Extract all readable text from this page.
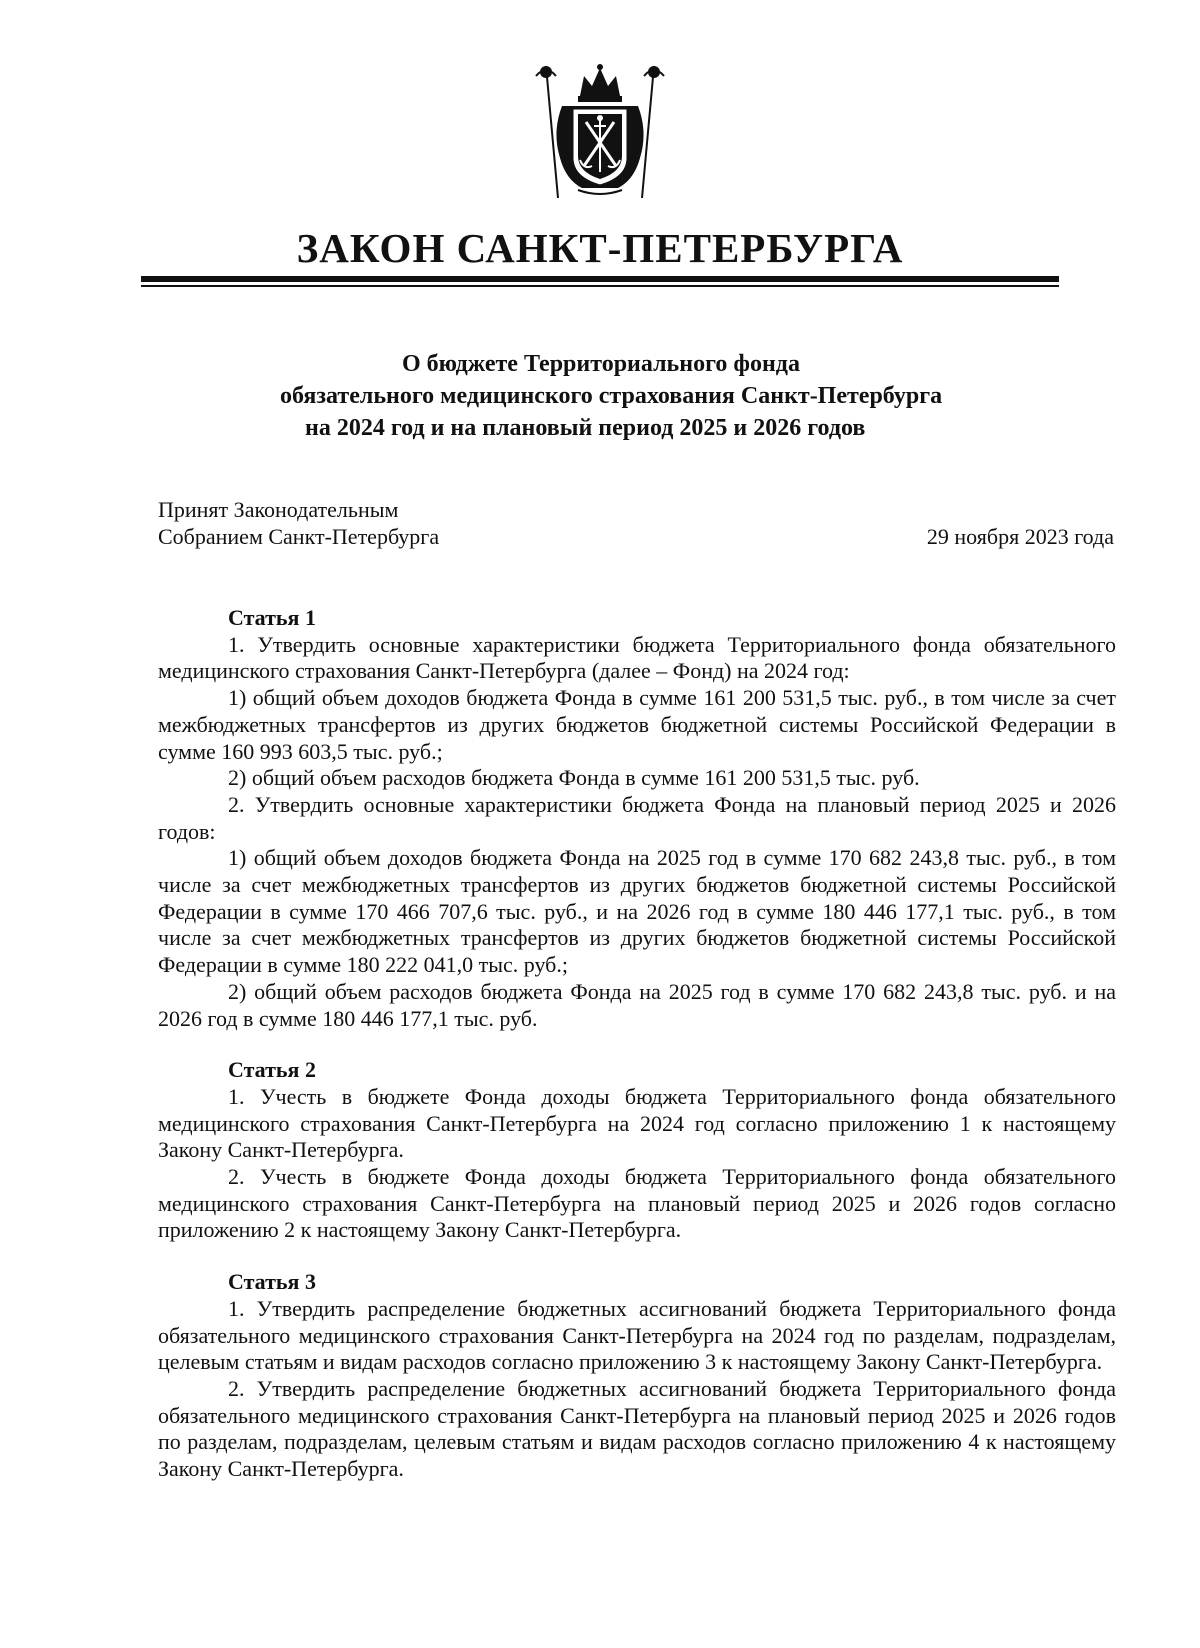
ЗАКОН САНКТ-ПЕТЕРБУРГА
О бюджете Территориального фонда
обязательного медицинского страхования Санкт-Петербурга
на 2024 год и на плановый период 2025 и 2026 годов
Принят Законодательным
Собранием Санкт-Петербурга	29 ноября 2023 года

Статья 1

1. Утвердить основные характеристики бюджета Территориального фонда обязательного медицинского страхования Санкт-Петербурга (далее – Фонд) на 2024 год:

1) общий объем доходов бюджета Фонда в сумме 161 200 531,5 тыс. руб., в том числе за счет межбюджетных трансфертов из других бюджетов бюджетной системы Российской Федерации в сумме 160 993 603,5 тыс. руб.;

2) общий объем расходов бюджета Фонда в сумме 161 200 531,5 тыс. руб.

2. Утвердить основные характеристики бюджета Фонда на плановый период 2025 и 2026 годов:

1) общий объем доходов бюджета Фонда на 2025 год в сумме 170 682 243,8 тыс. руб., в том числе за счет межбюджетных трансфертов из других бюджетов бюджетной системы Российской Федерации в сумме 170 466 707,6 тыс. руб., и на 2026 год в сумме 180 446 177,1 тыс. руб., в том числе за счет межбюджетных трансфертов из других бюджетов бюджетной системы Российской Федерации в сумме 180 222 041,0 тыс. руб.;

2) общий объем расходов бюджета Фонда на 2025 год в сумме 170 682 243,8 тыс. руб. и на 2026 год в сумме 180 446 177,1 тыс. руб.

Статья 2

1. Учесть в бюджете Фонда доходы бюджета Территориального фонда обязательного медицинского страхования Санкт-Петербурга на 2024 год согласно приложению 1 к настоящему Закону Санкт-Петербурга.

2. Учесть в бюджете Фонда доходы бюджета Территориального фонда обязательного медицинского страхования Санкт-Петербурга на плановый период 2025 и 2026 годов согласно приложению 2 к настоящему Закону Санкт-Петербурга.

Статья 3

1. Утвердить распределение бюджетных ассигнований бюджета Территориального фонда обязательного медицинского страхования Санкт-Петербурга на 2024 год по разделам, подразделам, целевым статьям и видам расходов согласно приложению 3 к настоящему Закону Санкт-Петербурга.

2. Утвердить распределение бюджетных ассигнований бюджета Территориального фонда обязательного медицинского страхования Санкт-Петербурга на плановый период 2025 и 2026 годов по разделам, подразделам, целевым статьям и видам расходов согласно приложению 4 к настоящему Закону Санкт-Петербурга.
